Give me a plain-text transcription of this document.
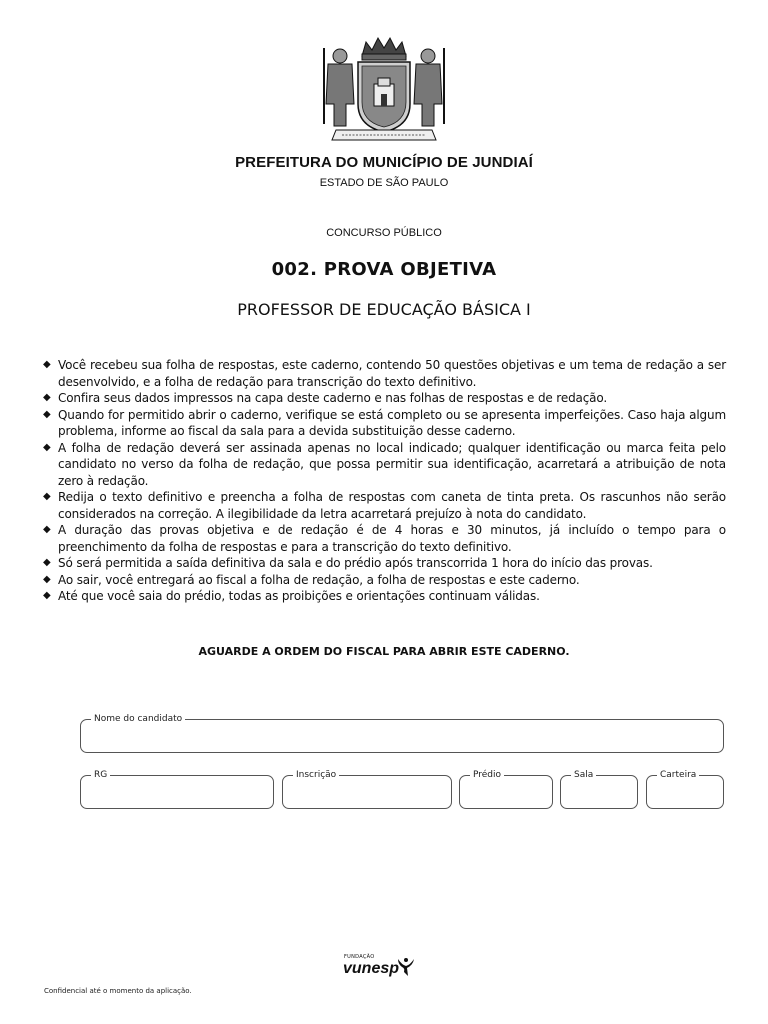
PREFEITURA DO MUNICÍPIO DE JUNDIAÍ
ESTADO DE SÃO PAULO
CONCURSO PÚBLICO
002. PROVA OBJETIVA
PROFESSOR DE EDUCAÇÃO BÁSICA I
◆ Você recebeu sua folha de respostas, este caderno, contendo 50 questões objetivas e um tema de redação a ser desenvolvido, e a folha de redação para transcrição do texto definitivo.
◆ Confira seus dados impressos na capa deste caderno e nas folhas de respostas e de redação.
◆ Quando for permitido abrir o caderno, verifique se está completo ou se apresenta imperfeições. Caso haja algum problema, informe ao fiscal da sala para a devida substituição desse caderno.
◆ A folha de redação deverá ser assinada apenas no local indicado; qualquer identificação ou marca feita pelo candidato no verso da folha de redação, que possa permitir sua identificação, acarretará a atribuição de nota zero à redação.
◆ Redija o texto definitivo e preencha a folha de respostas com caneta de tinta preta. Os rascunhos não serão considerados na correção. A ilegibilidade da letra acarretará prejuízo à nota do candidato.
◆ A duração das provas objetiva e de redação é de 4 horas e 30 minutos, já incluído o tempo para o preenchimento da folha de respostas e para a transcrição do texto definitivo.
◆ Só será permitida a saída definitiva da sala e do prédio após transcorrida 1 hora do início das provas.
◆ Ao sair, você entregará ao fiscal a folha de redação, a folha de respostas e este caderno.
◆ Até que você saia do prédio, todas as proibições e orientações continuam válidas.
AGUARDE A ORDEM DO FISCAL PARA ABRIR ESTE CADERNO.
Nome do candidato
RG	Inscrição	Prédio	Sala	Carteira
FUNDAÇÃO
vunesp
Confidencial até o momento da aplicação.
